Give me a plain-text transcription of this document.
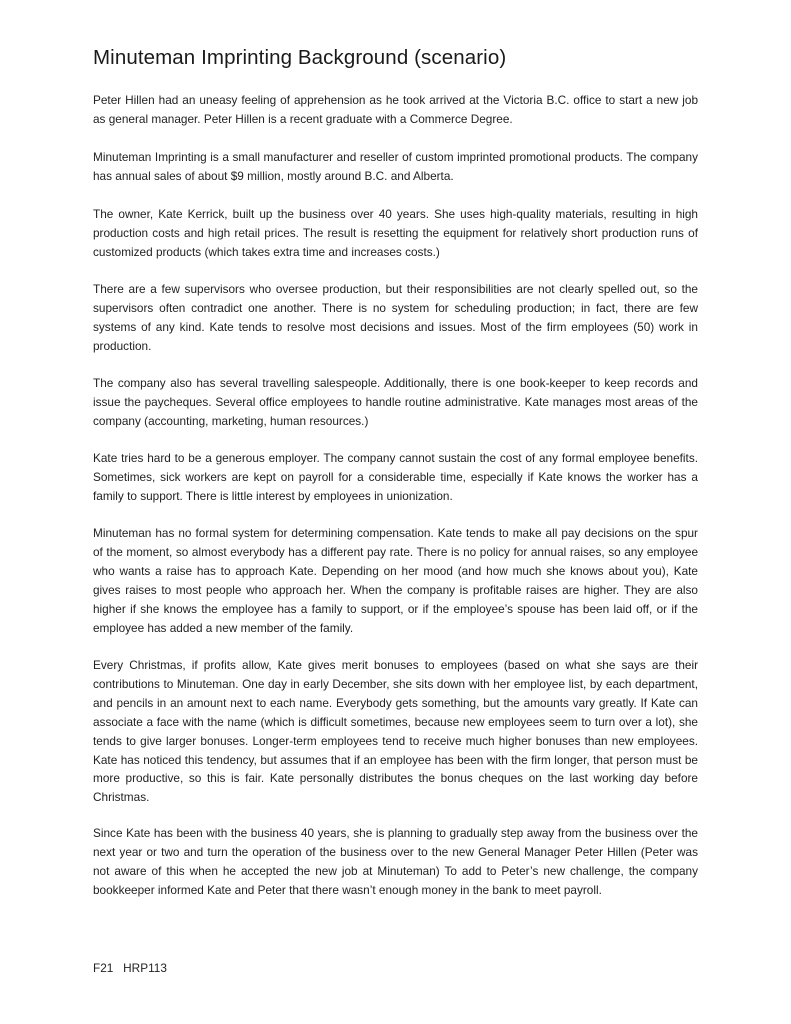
Minuteman Imprinting Background (scenario)

Peter Hillen had an uneasy feeling of apprehension as he took arrived at the Victoria B.C. office to start a new job as general manager. Peter Hillen is a recent graduate with a Commerce Degree.

Minuteman Imprinting is a small manufacturer and reseller of custom imprinted promotional products. The company has annual sales of about $9 million, mostly around B.C. and Alberta.

The owner, Kate Kerrick, built up the business over 40 years. She uses high-quality materials, resulting in high production costs and high retail prices. The result is resetting the equipment for relatively short production runs of customized products (which takes extra time and increases costs.)

There are a few supervisors who oversee production, but their responsibilities are not clearly spelled out, so the supervisors often contradict one another. There is no system for scheduling production; in fact, there are few systems of any kind. Kate tends to resolve most decisions and issues. Most of the firm employees (50) work in production.

The company also has several travelling salespeople. Additionally, there is one book-keeper to keep records and issue the paycheques. Several office employees to handle routine administrative. Kate manages most areas of the company (accounting, marketing, human resources.)

Kate tries hard to be a generous employer. The company cannot sustain the cost of any formal employee benefits. Sometimes, sick workers are kept on payroll for a considerable time, especially if Kate knows the worker has a family to support. There is little interest by employees in unionization.

Minuteman has no formal system for determining compensation. Kate tends to make all pay decisions on the spur of the moment, so almost everybody has a different pay rate. There is no policy for annual raises, so any employee who wants a raise has to approach Kate. Depending on her mood (and how much she knows about you), Kate gives raises to most people who approach her. When the company is profitable raises are higher. They are also higher if she knows the employee has a family to support, or if the employee’s spouse has been laid off, or if the employee has added a new member of the family.

Every Christmas, if profits allow, Kate gives merit bonuses to employees (based on what she says are their contributions to Minuteman. One day in early December, she sits down with her employee list, by each department, and pencils in an amount next to each name. Everybody gets something, but the amounts vary greatly. If Kate can associate a face with the name (which is difficult sometimes, because new employees seem to turn over a lot), she tends to give larger bonuses. Longer-term employees tend to receive much higher bonuses than new employees. Kate has noticed this tendency, but assumes that if an employee has been with the firm longer, that person must be more productive, so this is fair. Kate personally distributes the bonus cheques on the last working day before Christmas.

Since Kate has been with the business 40 years, she is planning to gradually step away from the business over the next year or two and turn the operation of the business over to the new General Manager Peter Hillen (Peter was not aware of this when he accepted the new job at Minuteman) To add to Peter’s new challenge, the company bookkeeper informed Kate and Peter that there wasn’t enough money in the bank to meet payroll.

F21   HRP113
